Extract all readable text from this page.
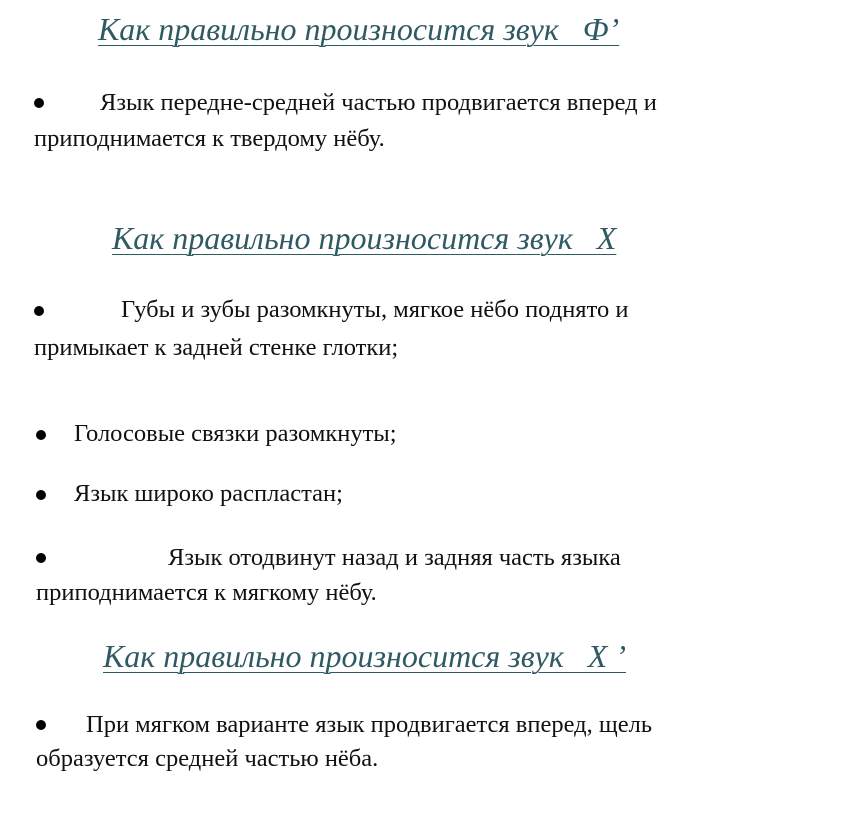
Как правильно произносится звук   Ф’
Язык передне-средней частью продвигается вперед и
приподнимается к твердому нёбу.
Как правильно произносится звук   Х
Губы и зубы разомкнуты, мягкое нёбо поднято и
примыкает к задней стенке глотки;
Голосовые связки разомкнуты;
Язык широко распластан;
Язык отодвинут назад и задняя часть языка
приподнимается к мягкому нёбу.
Как правильно произносится звук   Х ’
При мягком варианте язык продвигается вперед, щель
образуется средней частью нёба.
